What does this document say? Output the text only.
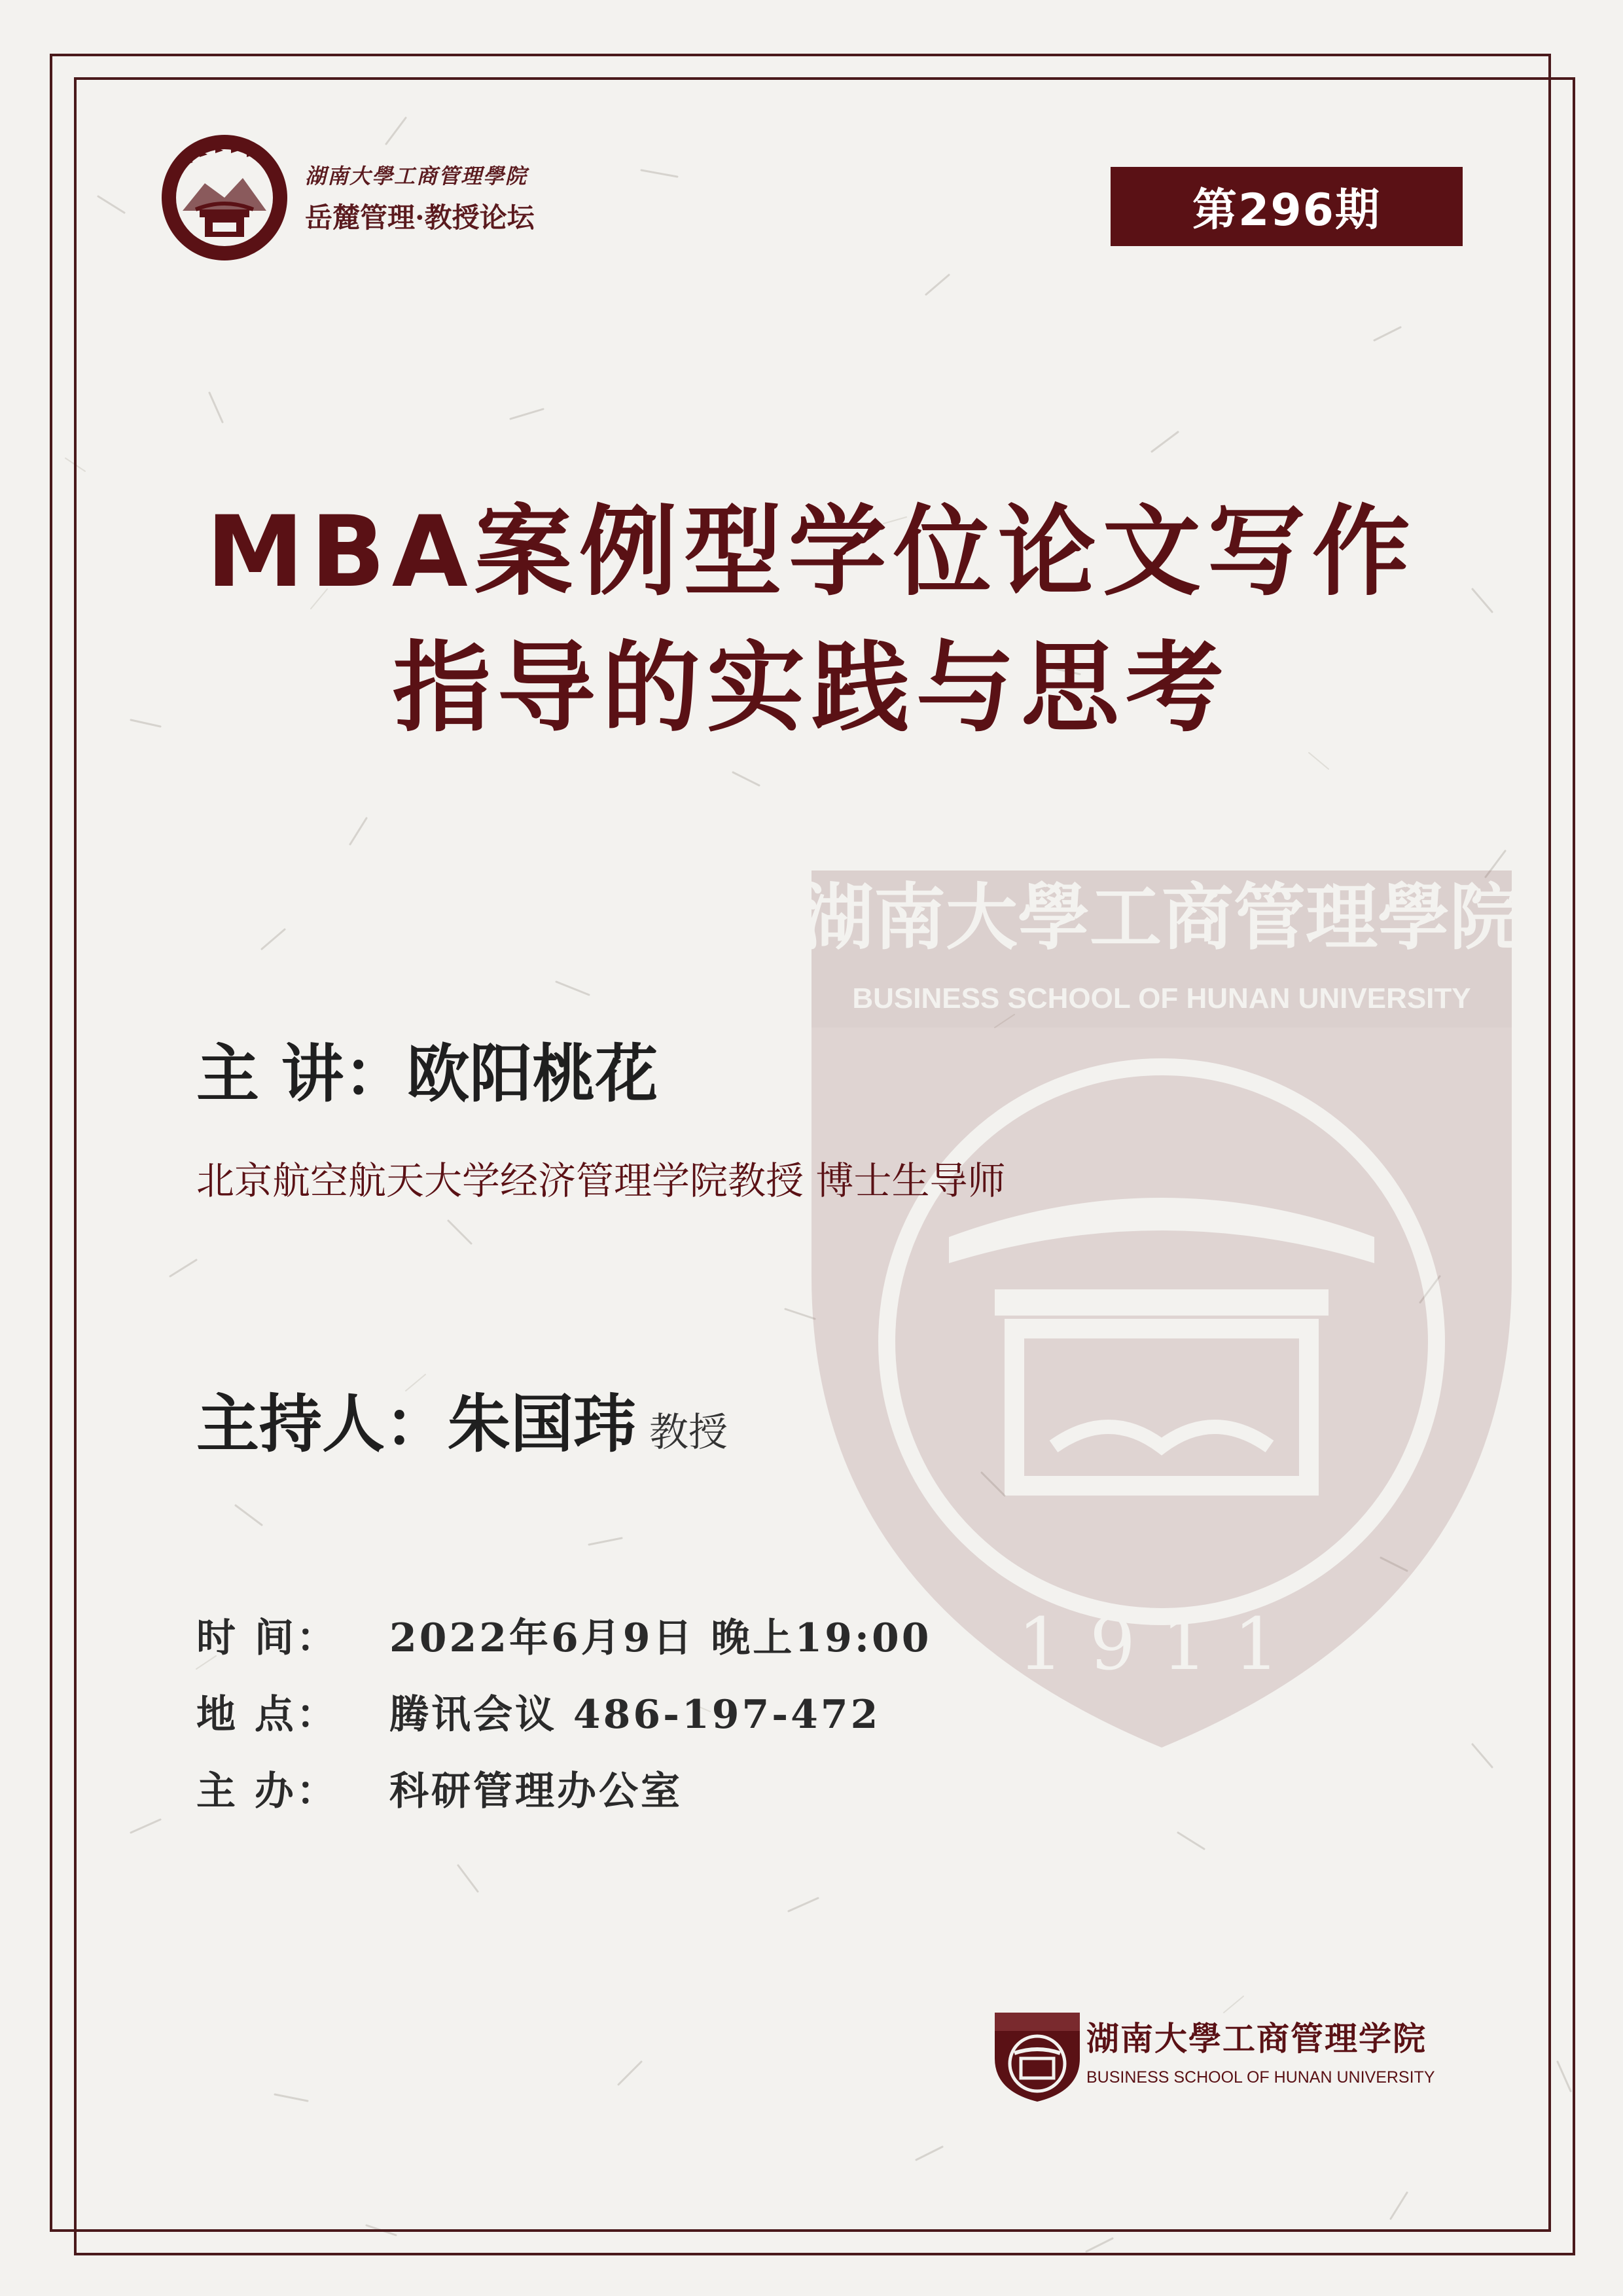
湖南大學工商管理學院
岳麓管理·教授论坛	第296期
湖南大學工商管理學院
BUSINESS SCHOOL OF HUNAN UNIVERSITY
1911
MBA案例型学位论文写作
指导的实践与思考
主 讲：欧阳桃花
北京航空航天大学经济管理学院教授 博士生导师
主持人：朱国玮 教授
时 间： 2022年6月9日 晚上19:00
地 点： 腾讯会议 486-197-472
主 办： 科研管理办公室
湖南大學工商管理学院
BUSINESS SCHOOL OF HUNAN UNIVERSITY
